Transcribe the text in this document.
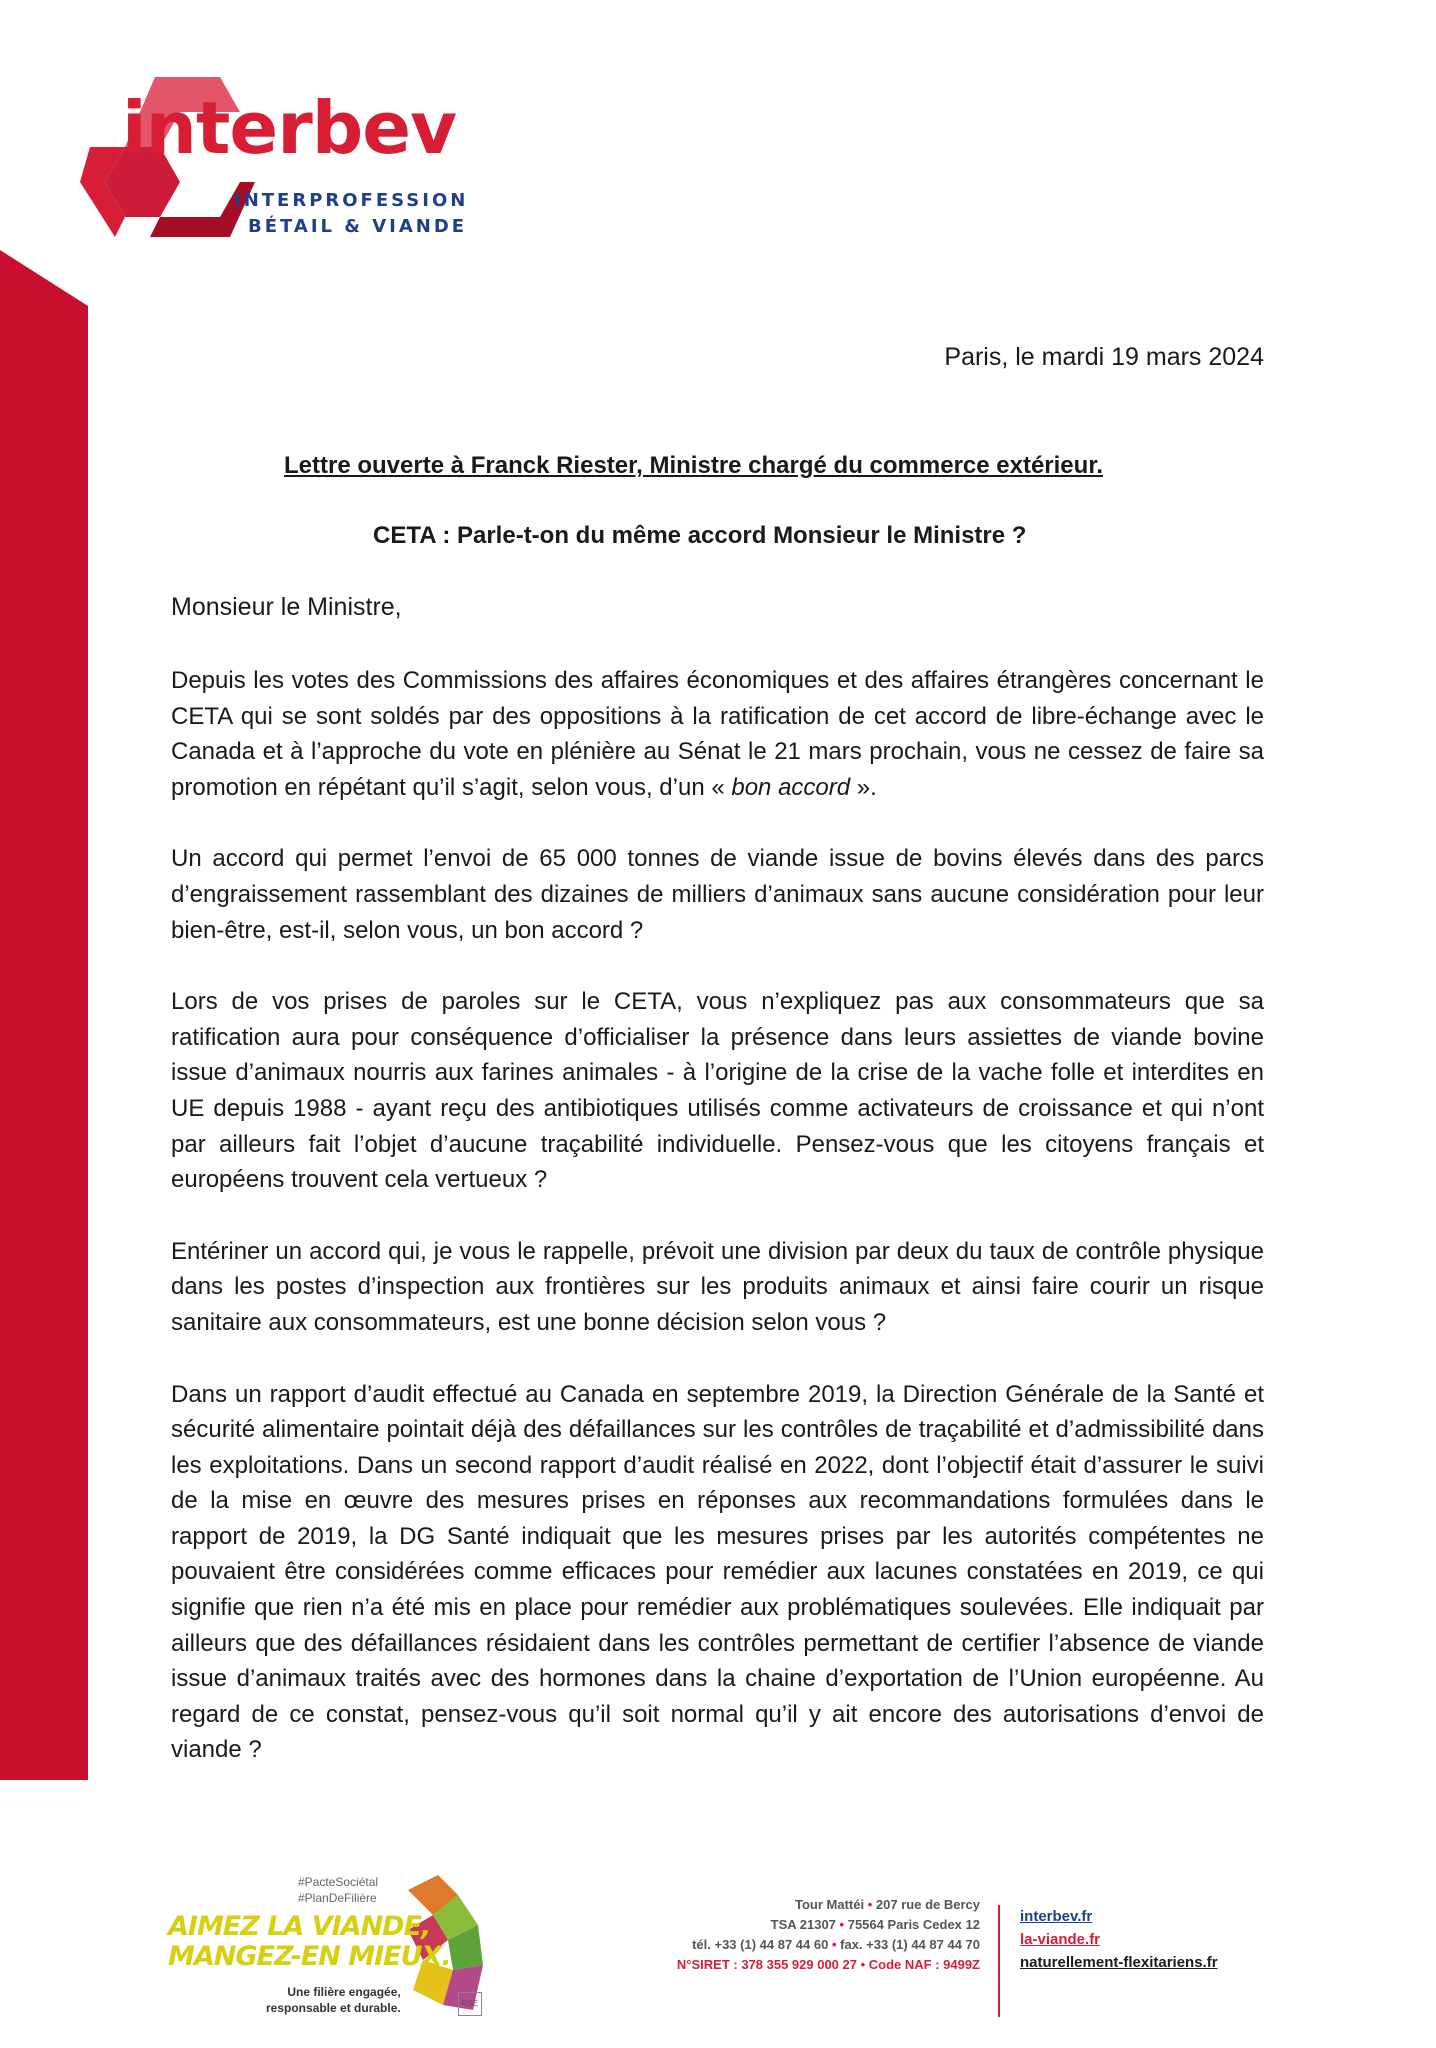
interbev
INTERPROFESSION
BÉTAIL & VIANDE
Paris, le mardi 19 mars 2024
Lettre ouverte à Franck Riester, Ministre chargé du commerce extérieur.
CETA : Parle-t-on du même accord Monsieur le Ministre ?
Monsieur le Ministre,

Depuis les votes des Commissions des affaires économiques et des affaires étrangères concernant le CETA qui se sont soldés par des oppositions à la ratification de cet accord de libre-échange avec le Canada et à l’approche du vote en plénière au Sénat le 21 mars prochain, vous ne cessez de faire sa promotion en répétant qu’il s’agit, selon vous, d’un « bon accord ».

Un accord qui permet l’envoi de 65 000 tonnes de viande issue de bovins élevés dans des parcs d’engraissement rassemblant des dizaines de milliers d’animaux sans aucune considération pour leur bien-être, est-il, selon vous, un bon accord ?

Lors de vos prises de paroles sur le CETA, vous n’expliquez pas aux consommateurs que sa ratification aura pour conséquence d’officialiser la présence dans leurs assiettes de viande bovine issue d’animaux nourris aux farines animales - à l’origine de la crise de la vache folle et interdites en UE depuis 1988 - ayant reçu des antibiotiques utilisés comme activateurs de croissance et qui n’ont par ailleurs fait l’objet d’aucune traçabilité individuelle. Pensez-vous que les citoyens français et européens trouvent cela vertueux ?

Entériner un accord qui, je vous le rappelle, prévoit une division par deux du taux de contrôle physique dans les postes d’inspection aux frontières sur les produits animaux et ainsi faire courir un risque sanitaire aux consommateurs, est une bonne décision selon vous ?

Dans un rapport d’audit effectué au Canada en septembre 2019, la Direction Générale de la Santé et sécurité alimentaire pointait déjà des défaillances sur les contrôles de traçabilité et d’admissibilité dans les exploitations. Dans un second rapport d’audit réalisé en 2022, dont l’objectif était d’assurer le suivi de la mise en œuvre des mesures prises en réponses aux recommandations formulées dans le rapport de 2019, la DG Santé indiquait que les mesures prises par les autorités compétentes ne pouvaient être considérées comme efficaces pour remédier aux lacunes constatées en 2019, ce qui signifie que rien n’a été mis en place pour remédier aux problématiques soulevées. Elle indiquait par ailleurs que des défaillances résidaient dans les contrôles permettant de certifier l’absence de viande issue d’animaux traités avec des hormones dans la chaine d’exportation de l’Union européenne. Au regard de ce constat, pensez-vous qu’il soit normal qu’il y ait encore des autorisations d’envoi de viande ?

#PacteSociétal
#PlanDeFilière
AIMEZ LA VIANDE,
MANGEZ-EN MIEUX.
Une filière engagée,
responsable et durable.	RSE
Tour Mattéi • 207 rue de Bercy
TSA 21307 • 75564 Paris Cedex 12
tél. +33 (1) 44 87 44 60 • fax. +33 (1) 44 87 44 70
N°SIRET : 378 355 929 000 27 • Code NAF : 9499Z
interbev.fr
la-viande.fr
naturellement-flexitariens.fr
